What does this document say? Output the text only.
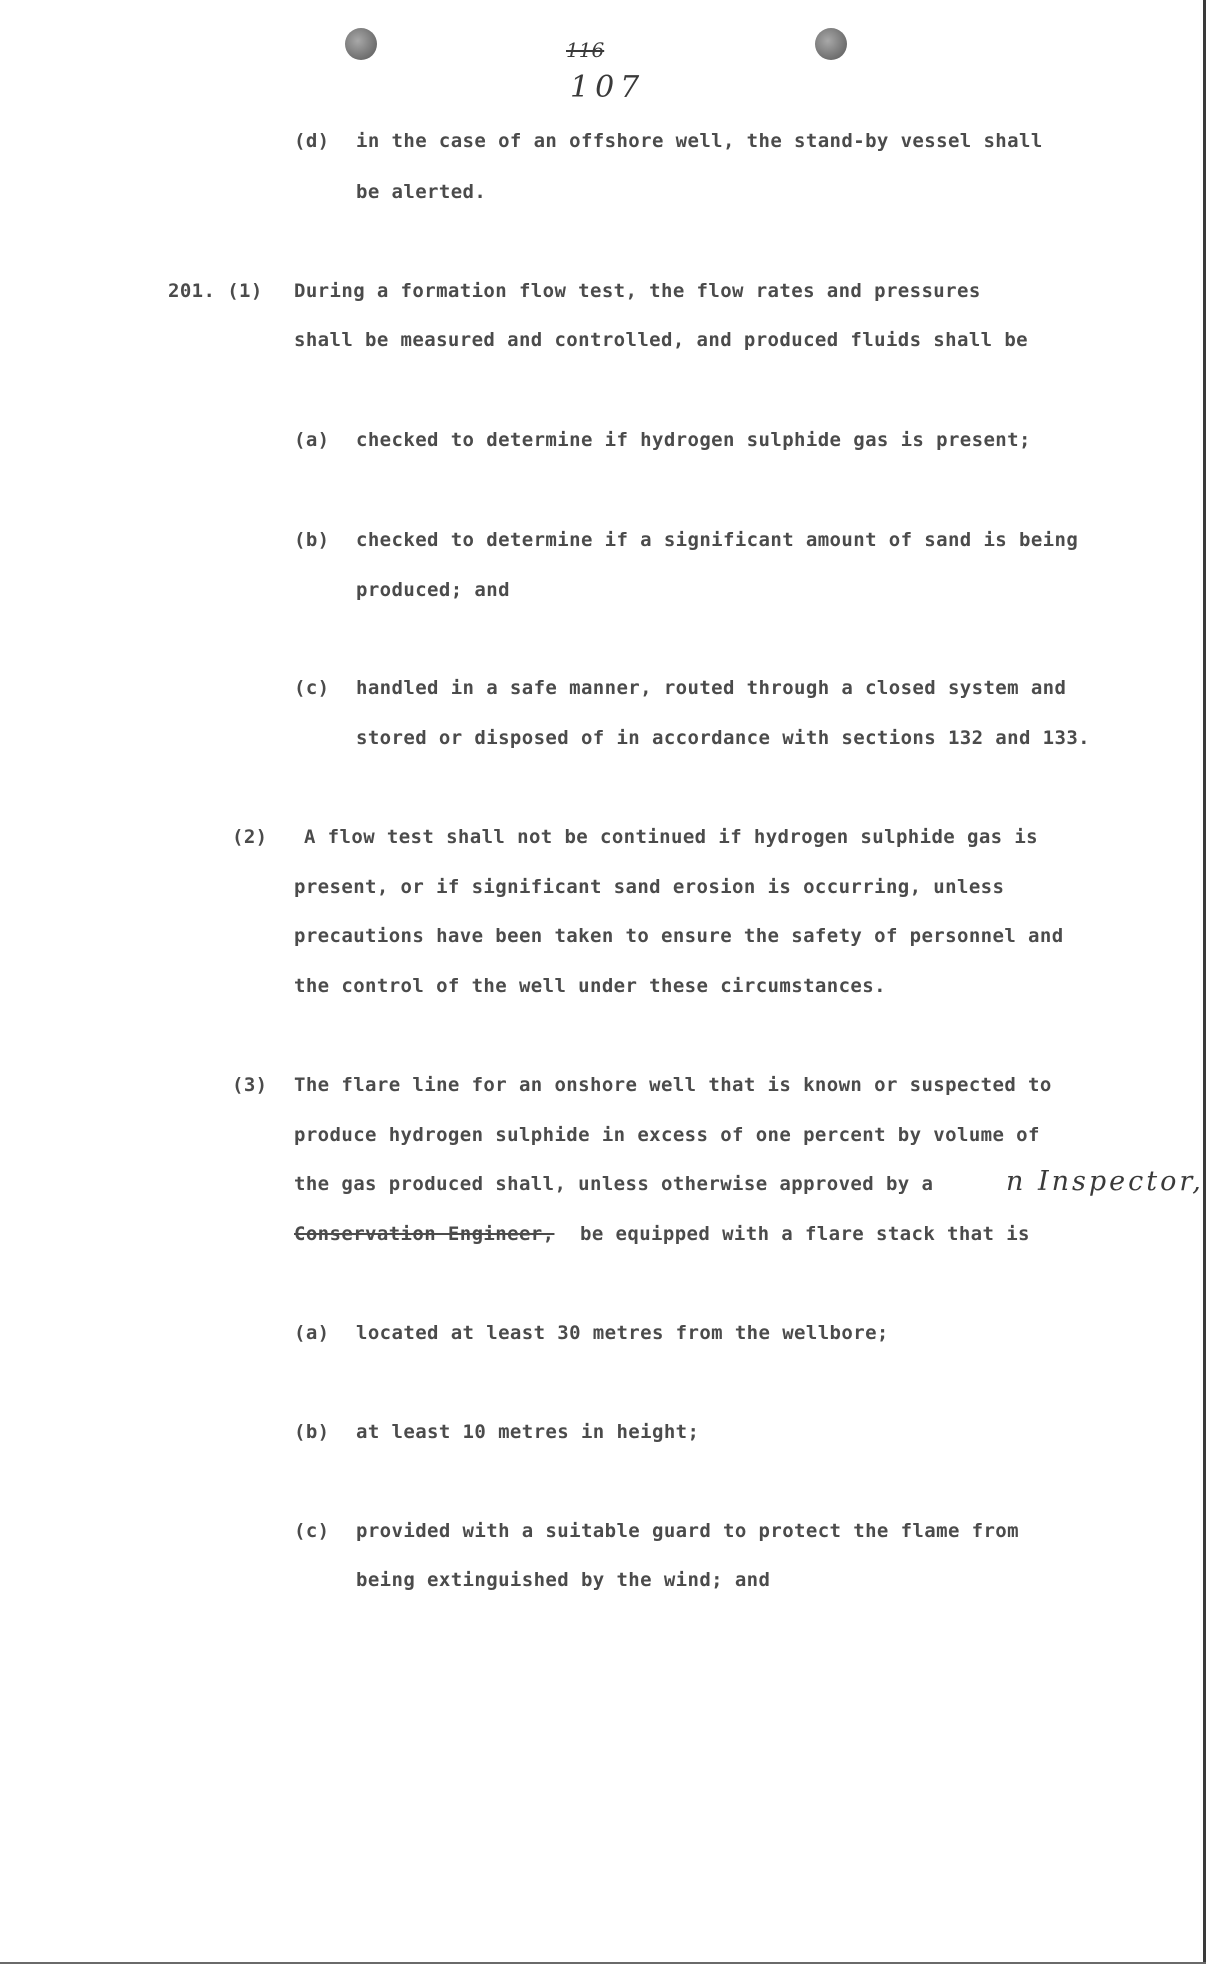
116
107
(d) in the case of an offshore well, the stand-by vessel shall
be alerted.
201. (1) During a formation flow test, the flow rates and pressures
shall be measured and controlled, and produced fluids shall be
(a) checked to determine if hydrogen sulphide gas is present;
(b) checked to determine if a significant amount of sand is being
produced; and
(c) handled in a safe manner, routed through a closed system and
stored or disposed of in accordance with sections 132 and 133.
(2) A flow test shall not be continued if hydrogen sulphide gas is
present, or if significant sand erosion is occurring, unless
precautions have been taken to ensure the safety of personnel and
the control of the well under these circumstances.
(3) The flare line for an onshore well that is known or suspected to
produce hydrogen sulphide in excess of one percent by volume of
the gas produced shall, unless otherwise approved by a	n Inspector,
Conservation Engineer, be equipped with a flare stack that is
(a) located at least 30 metres from the wellbore;
(b) at least 10 metres in height;
(c) provided with a suitable guard to protect the flame from
being extinguished by the wind; and
